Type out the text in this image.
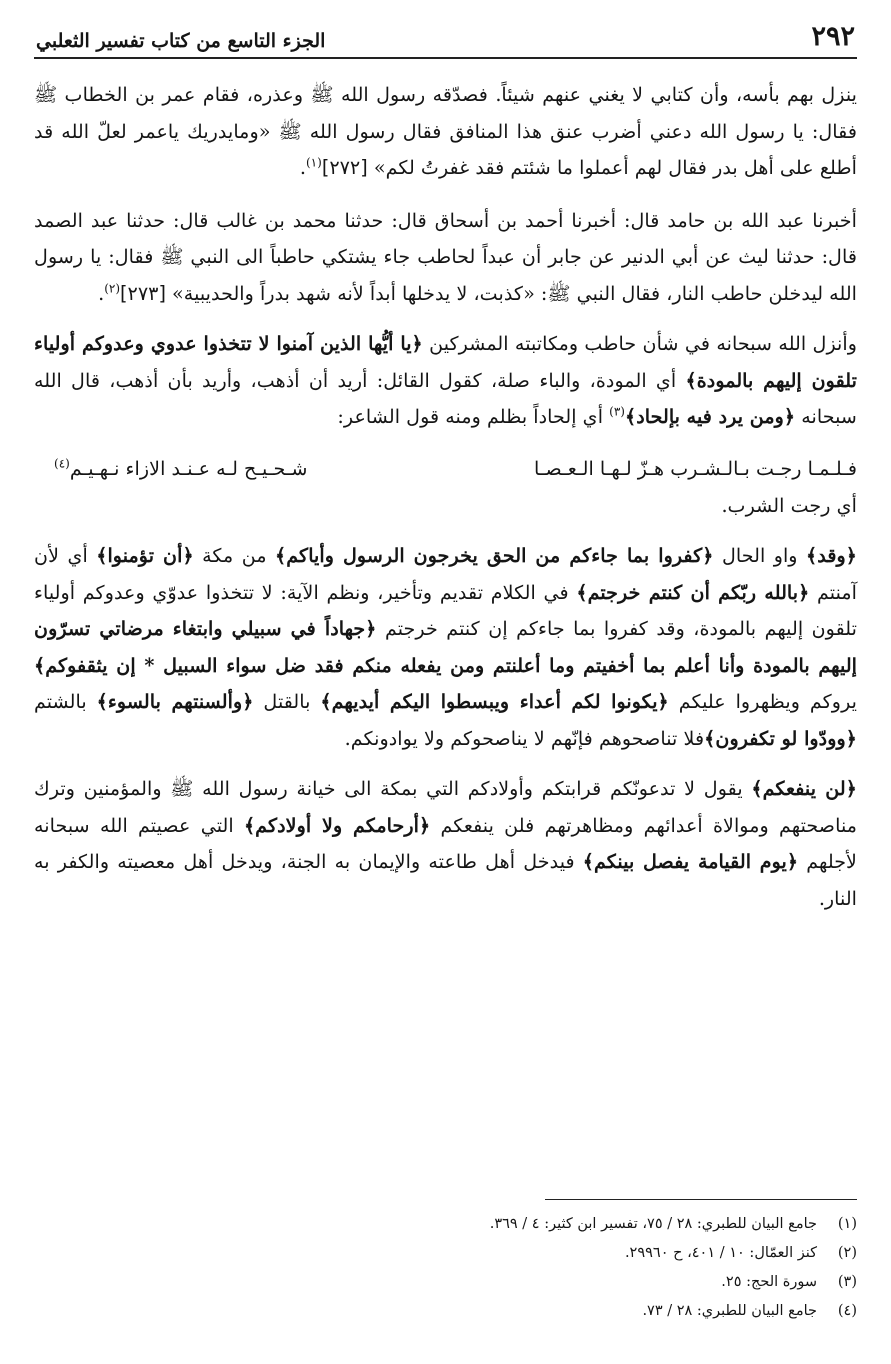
٢٩٢
الجزء التاسع من كتاب تفسير الثعلبي

ينزل بهم بأسه، وأن كتابي لا يغني عنهم شيئاً. فصدّقه رسول الله ﷺ وعذره، فقام عمر بن الخطاب ﷺ فقال: يا رسول الله دعني أضرب عنق هذا المنافق فقال رسول الله ﷺ «ومايدريك ياعمر لعلّ الله قد أطلع على أهل بدر فقال لهم أعملوا ما شئتم فقد غفرتُ لكم» [٢٧٢]$^{(١)}$.

أخبرنا عبد الله بن حامد قال: أخبرنا أحمد بن أسحاق قال: حدثنا محمد بن غالب قال: حدثنا عبد الصمد قال: حدثنا ليث عن أبي الدنير عن جابر أن عبداً لحاطب جاء يشتكي حاطباً الى النبي ﷺ فقال: يا رسول الله ليدخلن حاطب النار، فقال النبي ﷺ: «كذبت، لا يدخلها أبداً لأنه شهد بدراً والحديبية» [٢٧٣]$^{(٢)}$.

وأنزل الله سبحانه في شأن حاطب ومكاتبته المشركين ﴿يا أيُّها الذين آمنوا لا تتخذوا عدوي وعدوكم أولياء تلقون إليهم بالمودة﴾ أي المودة، والباء صلة، كقول القائل: أريد أن أذهب، وأريد بأن أذهب، قال الله سبحانه ﴿ومن يرد فيه بإلحاد﴾$^{(٣)}$ أي إلحاداً بظلم ومنه قول الشاعر:

فـلـمـا رجـت بـالـشـرب هـزّ لـهـا الـعـصـا
شـحـيـح لـه عـنـد الازاء نـهـيـم$^{(٤)}$

أي رجت الشرب.

﴿وقد﴾ واو الحال ﴿كفروا بما جاءكم من الحق يخرجون الرسول وأياكم﴾ من مكة ﴿أن تؤمنوا﴾ أي لأن آمنتم ﴿بالله ربّكم أن كنتم خرجتم﴾ في الكلام تقديم وتأخير، ونظم الآية: لا تتخذوا عدوّي وعدوكم أولياء تلقون إليهم بالمودة، وقد كفروا بما جاءكم إن كنتم خرجتم ﴿جهاداً في سبيلي وابتغاء مرضاتي تسرّون إليهم بالمودة وأنا أعلم بما أخفيتم وما أعلنتم ومن يفعله منكم فقد ضل سواء السبيل * إن يثقفوكم﴾ يروكم ويظهروا عليكم ﴿يكونوا لكم أعداء ويبسطوا اليكم أيديهم﴾ بالقتل ﴿وألسنتهم بالسوء﴾ بالشتم ﴿وودّوا لو تكفرون﴾فلا تناصحوهم فإنّهم لا يناصحوكم ولا يوادونكم.

﴿لن ينفعكم﴾ يقول لا تدعونّكم قرابتكم وأولادكم التي بمكة الى خيانة رسول الله ﷺ والمؤمنين وترك مناصحتهم وموالاة أعدائهم ومظاهرتهم فلن ينفعكم ﴿أرحامكم ولا أولادكم﴾ التي عصيتم الله سبحانه لأجلهم ﴿يوم القيامة يفصل بينكم﴾ فيدخل أهل طاعته والإيمان به الجنة، ويدخل أهل معصيته والكفر به النار.

(١)
جامع البيان للطبري: ٢٨ / ٧٥، تفسير ابن كثير: ٤ / ٣٦٩.

(٢)
كنز العمّال: ١٠ / ٤٠١، ح ٢٩٩٦٠.

(٣)
سورة الحج: ٢٥.

(٤)
جامع البيان للطبري: ٢٨ / ٧٣.
